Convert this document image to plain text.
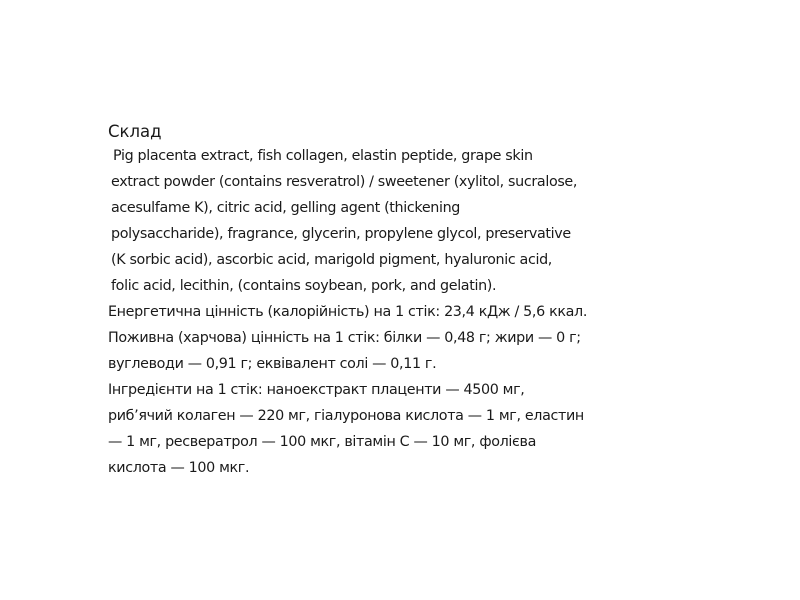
Склад
Pig placenta extract, fish collagen, elastin peptide, grape skin
extract powder (contains resveratrol) / sweetener (xylitol, sucralose,
acesulfame K), citric acid, gelling agent (thickening
polysaccharide), fragrance, glycerin, propylene glycol, preservative
(K sorbic acid), ascorbic acid, marigold pigment, hyaluronic acid,
folic acid, lecithin, (contains soybean, pork, and gelatin).
Енергетична цінність (калорійність) на 1 стік: 23,4 кДж / 5,6 ккал.
Поживна (харчова) цінність на 1 стік: білки — 0,48 г; жири — 0 г;
вуглеводи — 0,91 г; еквівалент солі — 0,11 г.
Інгредієнти на 1 стік: наноекстракт плаценти — 4500 мг,
риб’ячий колаген — 220 мг, гіалуронова кислота — 1 мг, еластин
— 1 мг, ресвератрол — 100 мкг, вітамін С — 10 мг, фолієва
кислота — 100 мкг.
